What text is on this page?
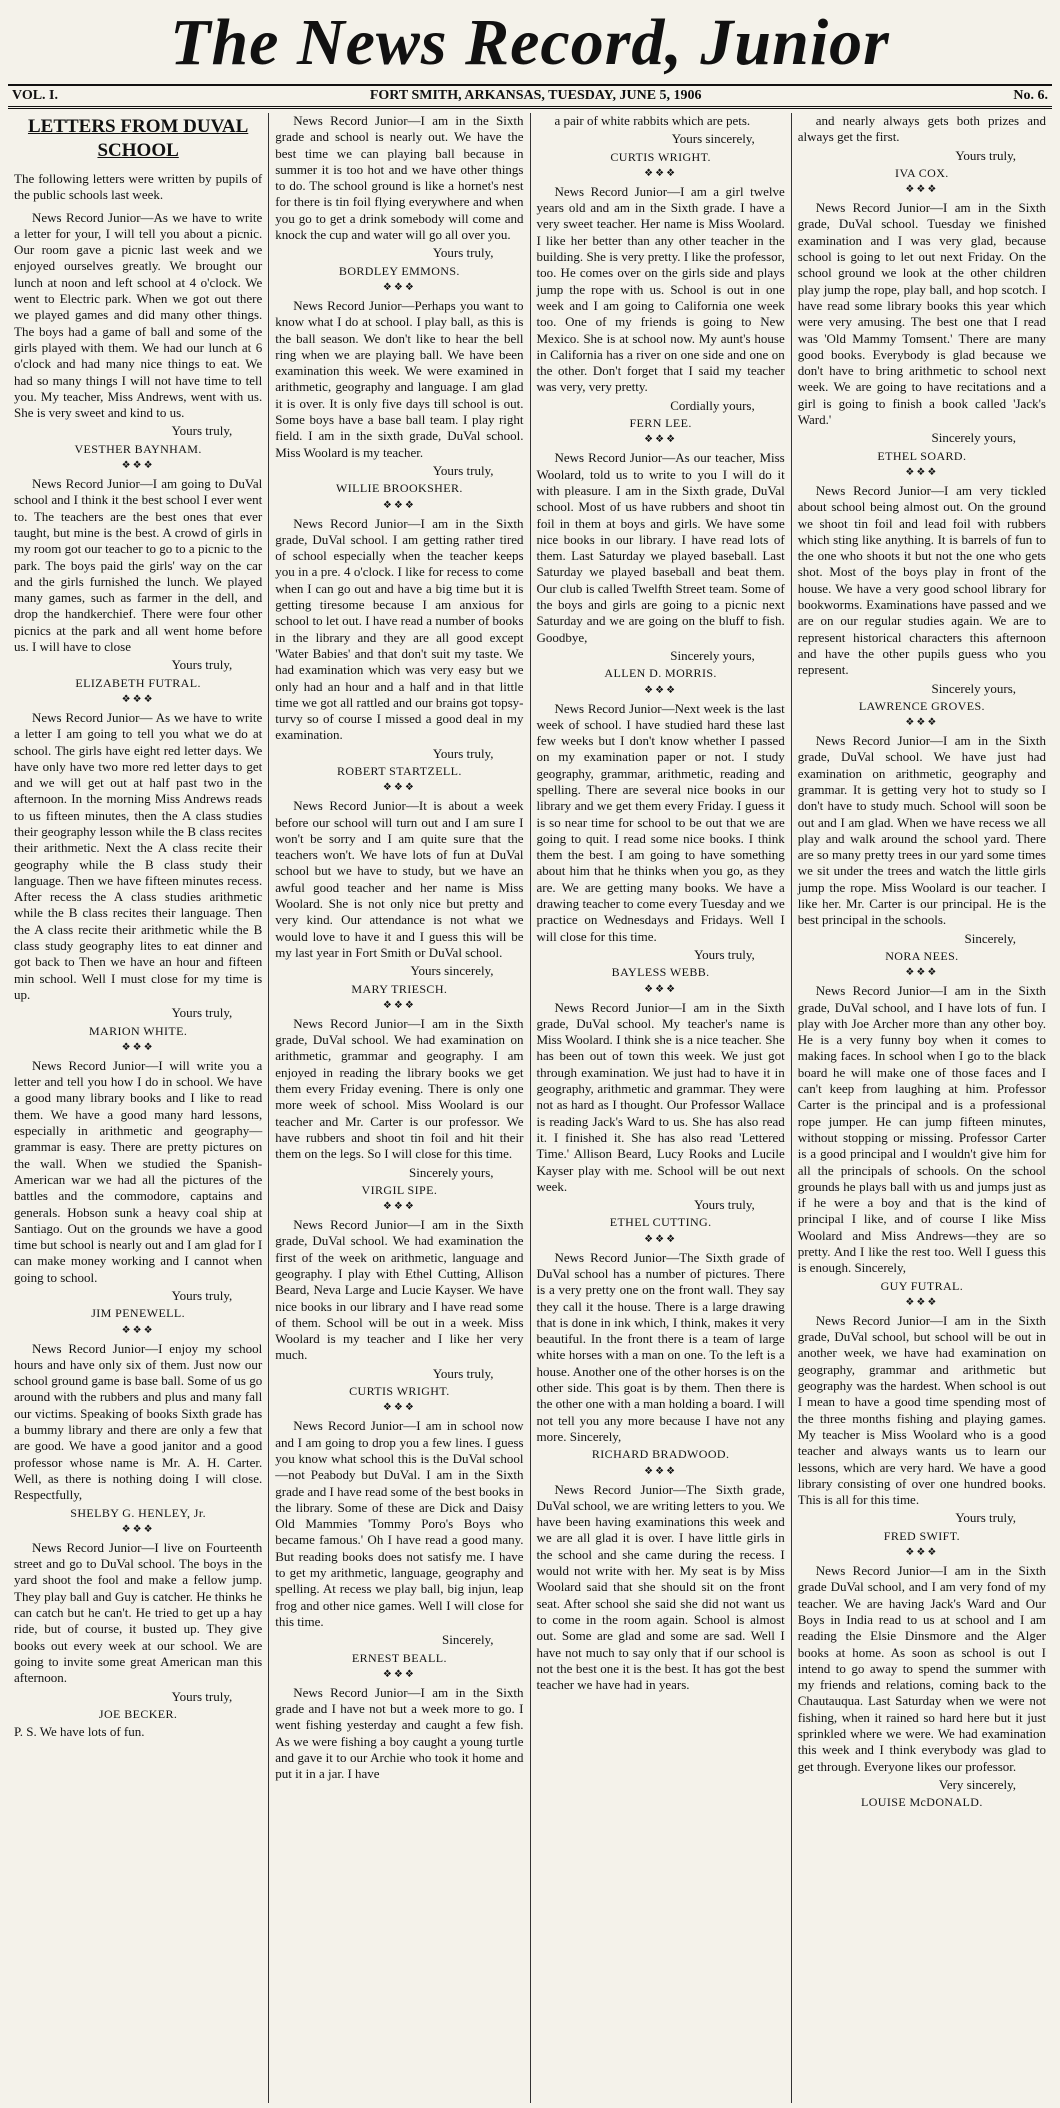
The News Record, Junior
VOL. I.	FORT SMITH, ARKANSAS, TUESDAY, JUNE 5, 1906	No. 6.
LETTERS FROM DUVAL SCHOOL

The following letters were written by pupils of the public schools last week.

News Record Junior—As we have to write a letter for your, I will tell you about a picnic. Our room gave a picnic last week and we enjoyed ourselves greatly. We brought our lunch at noon and left school at 4 o'clock. We went to Electric park. When we got out there we played games and did many other things. The boys had a game of ball and some of the girls played with them. We had our lunch at 6 o'clock and had many nice things to eat. We had so many things I will not have time to tell you. My teacher, Miss Andrews, went with us. She is very sweet and kind to us.

Yours truly,
VESTHER BAYNHAM.
❖❖❖

News Record Junior—I am going to DuVal school and I think it the best school I ever went to. The teachers are the best ones that ever taught, but mine is the best. A crowd of girls in my room got our teacher to go to a picnic to the park. The boys paid the girls' way on the car and the girls furnished the lunch. We played many games, such as farmer in the dell, and drop the handkerchief. There were four other picnics at the park and all went home before us. I will have to close

Yours truly,
ELIZABETH FUTRAL.
❖❖❖

News Record Junior— As we have to write a letter I am going to tell you what we do at school. The girls have eight red letter days. We have only have two more red letter days to get and we will get out at half past two in the afternoon. In the morning Miss Andrews reads to us fifteen minutes, then the A class studies their geography lesson while the B class recites their arithmetic. Next the A class recite their geography while the B class study their language. Then we have fifteen minutes recess. After recess the A class studies arithmetic while the B class recites their language. Then the A class recite their arithmetic while the B class study geography lites to eat dinner and got back to Then we have an hour and fifteen min school. Well I must close for my time is up.

Yours truly,
MARION WHITE.
❖❖❖

News Record Junior—I will write you a letter and tell you how I do in school. We have a good many library books and I like to read them. We have a good many hard lessons, especially in arithmetic and geography—grammar is easy. There are pretty pictures on the wall. When we studied the Spanish-American war we had all the pictures of the battles and the commodore, captains and generals. Hobson sunk a heavy coal ship at Santiago. Out on the grounds we have a good time but school is nearly out and I am glad for I can make money working and I cannot when going to school.

Yours truly,
JIM PENEWELL.
❖❖❖

News Record Junior—I enjoy my school hours and have only six of them. Just now our school ground game is base ball. Some of us go around with the rubbers and plus and many fall our victims. Speaking of books Sixth grade has a bummy library and there are only a few that are good. We have a good janitor and a good professor whose name is Mr. A. H. Carter. Well, as there is nothing doing I will close. Respectfully,

SHELBY G. HENLEY, Jr.
❖❖❖

News Record Junior—I live on Fourteenth street and go to DuVal school. The boys in the yard shoot the fool and make a fellow jump. They play ball and Guy is catcher. He thinks he can catch but he can't. He tried to get up a hay ride, but of course, it busted up. They give books out every week at our school. We are going to invite some great American man this afternoon.

Yours truly,
JOE BECKER.
P. S. We have lots of fun.

News Record Junior—I am in the Sixth grade and school is nearly out. We have the best time we can playing ball because in summer it is too hot and we have other things to do. The school ground is like a hornet's nest for there is tin foil flying everywhere and when you go to get a drink somebody will come and knock the cup and water will go all over you.

Yours truly,
BORDLEY EMMONS.
❖❖❖

News Record Junior—Perhaps you want to know what I do at school. I play ball, as this is the ball season. We don't like to hear the bell ring when we are playing ball. We have been examination this week. We were examined in arithmetic, geography and language. I am glad it is over. It is only five days till school is out. Some boys have a base ball team. I play right field. I am in the sixth grade, DuVal school. Miss Woolard is my teacher.

Yours truly,
WILLIE BROOKSHER.
❖❖❖

News Record Junior—I am in the Sixth grade, DuVal school. I am getting rather tired of school especially when the teacher keeps you in a pre. 4 o'clock. I like for recess to come when I can go out and have a big time but it is getting tiresome because I am anxious for school to let out. I have read a number of books in the library and they are all good except 'Water Babies' and that don't suit my taste. We had examination which was very easy but we only had an hour and a half and in that little time we got all rattled and our brains got topsy-turvy so of course I missed a good deal in my examination.

Yours truly,
ROBERT STARTZELL.
❖❖❖

News Record Junior—It is about a week before our school will turn out and I am sure I won't be sorry and I am quite sure that the teachers won't. We have lots of fun at DuVal school but we have to study, but we have an awful good teacher and her name is Miss Woolard. She is not only nice but pretty and very kind. Our attendance is not what we would love to have it and I guess this will be my last year in Fort Smith or DuVal school.

Yours sincerely,
MARY TRIESCH.
❖❖❖

News Record Junior—I am in the Sixth grade, DuVal school. We had examination on arithmetic, grammar and geography. I am enjoyed in reading the library books we get them every Friday evening. There is only one more week of school. Miss Woolard is our teacher and Mr. Carter is our professor. We have rubbers and shoot tin foil and hit their them on the legs. So I will close for this time.

Sincerely yours,
VIRGIL SIPE.
❖❖❖

News Record Junior—I am in the Sixth grade, DuVal school. We had examination the first of the week on arithmetic, language and geography. I play with Ethel Cutting, Allison Beard, Neva Large and Lucie Kayser. We have nice books in our library and I have read some of them. School will be out in a week. Miss Woolard is my teacher and I like her very much.

Yours truly,
CURTIS WRIGHT.
❖❖❖

News Record Junior—I am in school now and I am going to drop you a few lines. I guess you know what school this is the DuVal school—not Peabody but DuVal. I am in the Sixth grade and I have read some of the best books in the library. Some of these are Dick and Daisy Old Mammies 'Tommy Poro's Boys who became famous.' Oh I have read a good many. But reading books does not satisfy me. I have to get my arithmetic, language, geography and spelling. At recess we play ball, big injun, leap frog and other nice games. Well I will close for this time.

Sincerely,
ERNEST BEALL.
❖❖❖

News Record Junior—I am in the Sixth grade and I have not but a week more to go. I went fishing yesterday and caught a few fish. As we were fishing a boy caught a young turtle and gave it to our Archie who took it home and put it in a jar. I have

a pair of white rabbits which are pets.

Yours sincerely,
CURTIS WRIGHT.
❖❖❖

News Record Junior—I am a girl twelve years old and am in the Sixth grade. I have a very sweet teacher. Her name is Miss Woolard. I like her better than any other teacher in the building. She is very pretty. I like the professor, too. He comes over on the girls side and plays jump the rope with us. School is out in one week and I am going to California one week too. One of my friends is going to New Mexico. She is at school now. My aunt's house in California has a river on one side and one on the other. Don't forget that I said my teacher was very, very pretty.

Cordially yours,
FERN LEE.
❖❖❖

News Record Junior—As our teacher, Miss Woolard, told us to write to you I will do it with pleasure. I am in the Sixth grade, DuVal school. Most of us have rubbers and shoot tin foil in them at boys and girls. We have some nice books in our library. I have read lots of them. Last Saturday we played baseball. Last Saturday we played baseball and beat them. Our club is called Twelfth Street team. Some of the boys and girls are going to a picnic next Saturday and we are going on the bluff to fish. Goodbye,

Sincerely yours,
ALLEN D. MORRIS.
❖❖❖

News Record Junior—Next week is the last week of school. I have studied hard these last few weeks but I don't know whether I passed on my examination paper or not. I study geography, grammar, arithmetic, reading and spelling. There are several nice books in our library and we get them every Friday. I guess it is so near time for school to be out that we are going to quit. I read some nice books. I think them the best. I am going to have something about him that he thinks when you go, as they are. We are getting many books. We have a drawing teacher to come every Tuesday and we practice on Wednesdays and Fridays. Well I will close for this time.

Yours truly,
BAYLESS WEBB.
❖❖❖

News Record Junior—I am in the Sixth grade, DuVal school. My teacher's name is Miss Woolard. I think she is a nice teacher. She has been out of town this week. We just got through examination. We just had to have it in geography, arithmetic and grammar. They were not as hard as I thought. Our Professor Wallace is reading Jack's Ward to us. She has also read it. I finished it. She has also read 'Lettered Time.' Allison Beard, Lucy Rooks and Lucile Kayser play with me. School will be out next week.

Yours truly,
ETHEL CUTTING.
❖❖❖

News Record Junior—The Sixth grade of DuVal school has a number of pictures. There is a very pretty one on the front wall. They say they call it the house. There is a large drawing that is done in ink which, I think, makes it very beautiful. In the front there is a team of large white horses with a man on one. To the left is a house. Another one of the other horses is on the other side. This goat is by them. Then there is the other one with a man holding a board. I will not tell you any more because I have not any more. Sincerely,

RICHARD BRADWOOD.
❖❖❖

News Record Junior—The Sixth grade, DuVal school, we are writing letters to you. We have been having examinations this week and we are all glad it is over. I have little girls in the school and she came during the recess. I would not write with her. My seat is by Miss Woolard said that she should sit on the front seat. After school she said she did not want us to come in the room again. School is almost out. Some are glad and some are sad. Well I have not much to say only that if our school is not the best one it is the best. It has got the best teacher we have had in years.

and nearly always gets both prizes and always get the first.

Yours truly,
IVA COX.
❖❖❖

News Record Junior—I am in the Sixth grade, DuVal school. Tuesday we finished examination and I was very glad, because school is going to let out next Friday. On the school ground we look at the other children play jump the rope, play ball, and hop scotch. I have read some library books this year which were very amusing. The best one that I read was 'Old Mammy Tomsent.' There are many good books. Everybody is glad because we don't have to bring arithmetic to school next week. We are going to have recitations and a girl is going to finish a book called 'Jack's Ward.'

Sincerely yours,
ETHEL SOARD.
❖❖❖

News Record Junior—I am very tickled about school being almost out. On the ground we shoot tin foil and lead foil with rubbers which sting like anything. It is barrels of fun to the one who shoots it but not the one who gets shot. Most of the boys play in front of the house. We have a very good school library for bookworms. Examinations have passed and we are on our regular studies again. We are to represent historical characters this afternoon and have the other pupils guess who you represent.

Sincerely yours,
LAWRENCE GROVES.
❖❖❖

News Record Junior—I am in the Sixth grade, DuVal school. We have just had examination on arithmetic, geography and grammar. It is getting very hot to study so I don't have to study much. School will soon be out and I am glad. When we have recess we all play and walk around the school yard. There are so many pretty trees in our yard some times we sit under the trees and watch the little girls jump the rope. Miss Woolard is our teacher. I like her. Mr. Carter is our principal. He is the best principal in the schools.

Sincerely,
NORA NEES.
❖❖❖

News Record Junior—I am in the Sixth grade, DuVal school, and I have lots of fun. I play with Joe Archer more than any other boy. He is a very funny boy when it comes to making faces. In school when I go to the black board he will make one of those faces and I can't keep from laughing at him. Professor Carter is the principal and is a professional rope jumper. He can jump fifteen minutes, without stopping or missing. Professor Carter is a good principal and I wouldn't give him for all the principals of schools. On the school grounds he plays ball with us and jumps just as if he were a boy and that is the kind of principal I like, and of course I like Miss Woolard and Miss Andrews—they are so pretty. And I like the rest too. Well I guess this is enough. Sincerely,

GUY FUTRAL.
❖❖❖

News Record Junior—I am in the Sixth grade, DuVal school, but school will be out in another week, we have had examination on geography, grammar and arithmetic but geography was the hardest. When school is out I mean to have a good time spending most of the three months fishing and playing games. My teacher is Miss Woolard who is a good teacher and always wants us to learn our lessons, which are very hard. We have a good library consisting of over one hundred books. This is all for this time.

Yours truly,
FRED SWIFT.
❖❖❖

News Record Junior—I am in the Sixth grade DuVal school, and I am very fond of my teacher. We are having Jack's Ward and Our Boys in India read to us at school and I am reading the Elsie Dinsmore and the Alger books at home. As soon as school is out I intend to go away to spend the summer with my friends and relations, coming back to the Chautauqua. Last Saturday when we were not fishing, when it rained so hard here but it just sprinkled where we were. We had examination this week and I think everybody was glad to get through. Everyone likes our professor.

Very sincerely,
LOUISE McDONALD.
